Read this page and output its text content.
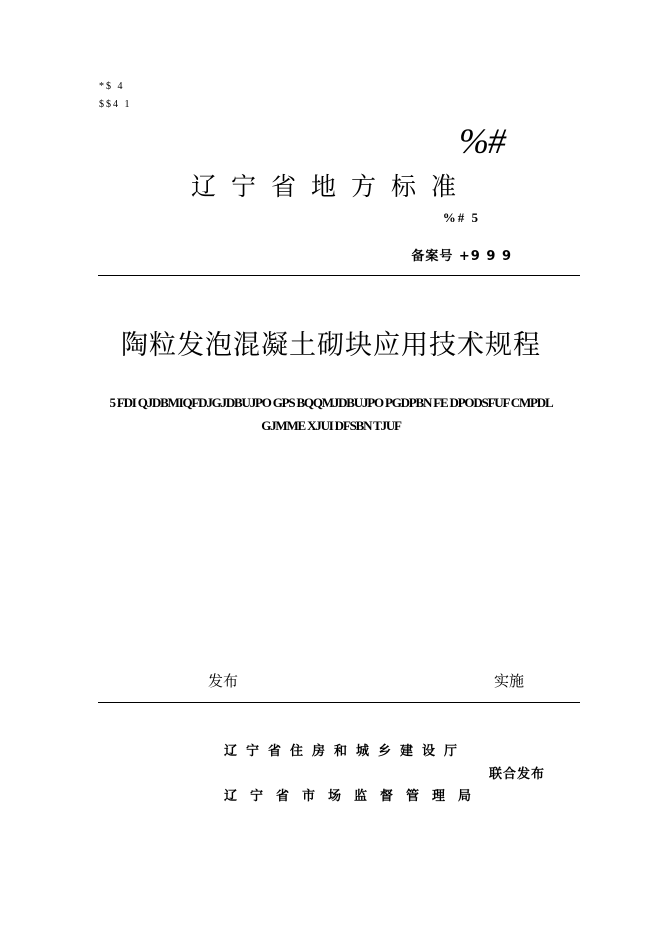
*$ 4
$$4 1
%#
辽宁省地方标准
%# 5
备案号 +9 9 9
陶粒发泡混凝土砌块应用技术规程
5 FDI QJDBMIQFDJGJDBUJPO GPS BQQMJDBUJPO PGDPBN FE DPODSFUF CMPDL
GJMME XJUI DFSBN TJUF
发布	实施
辽宁省住房和城乡建设厅
联合发布
辽宁省市场监督管理局
